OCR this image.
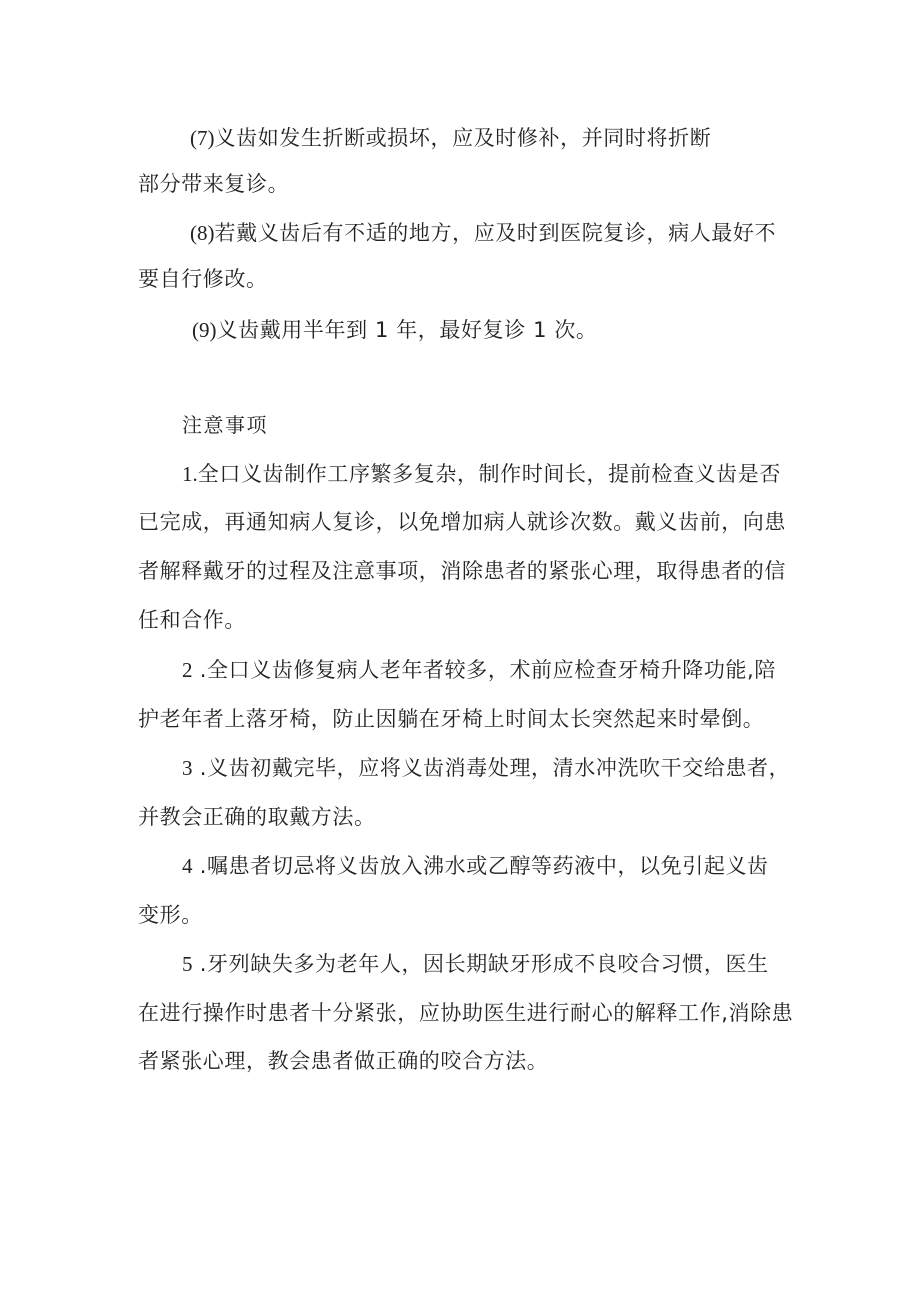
(7)义齿如发生折断或损坏，应及时修补，并同时将折断

部分带来复诊。

(8)若戴义齿后有不适的地方，应及时到医院复诊，病人最好不

要自行修改。

(9)义齿戴用半年到 1 年，最好复诊 1 次。

注意事项

1.全口义齿制作工序繁多复杂，制作时间长，提前检查义齿是否

已完成，再通知病人复诊，以免增加病人就诊次数。戴义齿前，向患

者解释戴牙的过程及注意事项，消除患者的紧张心理，取得患者的信

任和合作。

2 .全口义齿修复病人老年者较多，术前应检查牙椅升降功能,陪

护老年者上落牙椅，防止因躺在牙椅上时间太长突然起来时晕倒。

3 .义齿初戴完毕，应将义齿消毒处理，清水冲洗吹干交给患者，

并教会正确的取戴方法。

4 .嘱患者切忌将义齿放入沸水或乙醇等药液中，以免引起义齿

变形。

5 .牙列缺失多为老年人，因长期缺牙形成不良咬合习惯，医生

在进行操作时患者十分紧张，应协助医生进行耐心的解释工作,消除患

者紧张心理，教会患者做正确的咬合方法。
